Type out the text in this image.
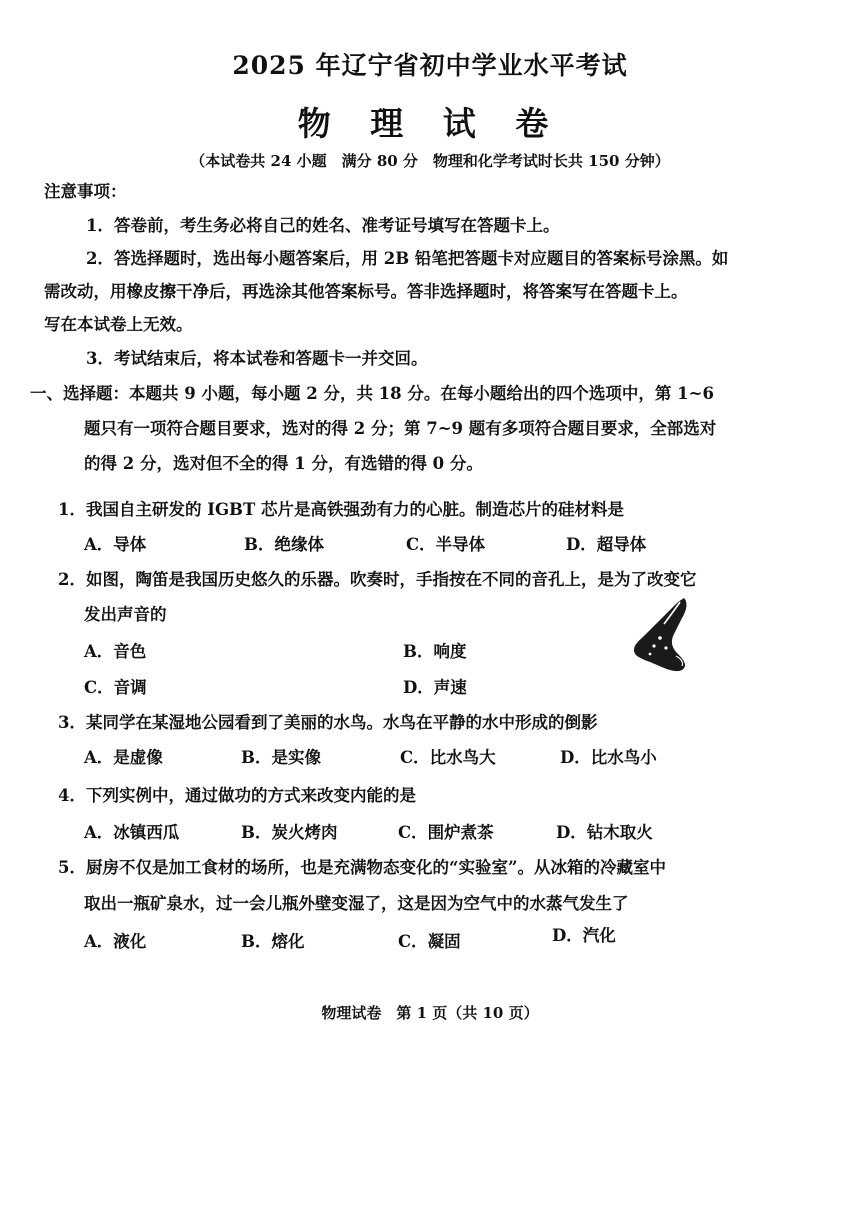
2025 年辽宁省初中学业水平考试
物 理 试 卷
（本试卷共 24 小题　满分 80 分　物理和化学考试时长共 150 分钟）
注意事项：
1．答卷前，考生务必将自己的姓名、准考证号填写在答题卡上。
2．答选择题时，选出每小题答案后，用 2B 铅笔把答题卡对应题目的答案标号涂黑。如
需改动，用橡皮擦干净后，再选涂其他答案标号。答非选择题时，将答案写在答题卡上。
写在本试卷上无效。
3．考试结束后，将本试卷和答题卡一并交回。
一、选择题：本题共 9 小题，每小题 2 分，共 18 分。在每小题给出的四个选项中，第 1~6
题只有一项符合题目要求，选对的得 2 分；第 7~9 题有多项符合题目要求，全部选对
的得 2 分，选对但不全的得 1 分，有选错的得 0 分。
1．我国自主研发的 IGBT 芯片是高铁强劲有力的心脏。制造芯片的硅材料是
A．导体	B．绝缘体	C．半导体	D．超导体
2．如图，陶笛是我国历史悠久的乐器。吹奏时，手指按在不同的音孔上，是为了改变它
发出声音的
A．音色	B．响度
C．音调	D．声速
3．某同学在某湿地公园看到了美丽的水鸟。水鸟在平静的水中形成的倒影
A．是虚像	B．是实像	C．比水鸟大	D．比水鸟小
4．下列实例中，通过做功的方式来改变内能的是
A．冰镇西瓜	B．炭火烤肉	C．围炉煮茶	D．钻木取火
5．厨房不仅是加工食材的场所，也是充满物态变化的“实验室”。从冰箱的冷藏室中
取出一瓶矿泉水，过一会儿瓶外壁变湿了，这是因为空气中的水蒸气发生了
A．液化	B．熔化	C．凝固	D．汽化
物理试卷　第 1 页（共 10 页）
